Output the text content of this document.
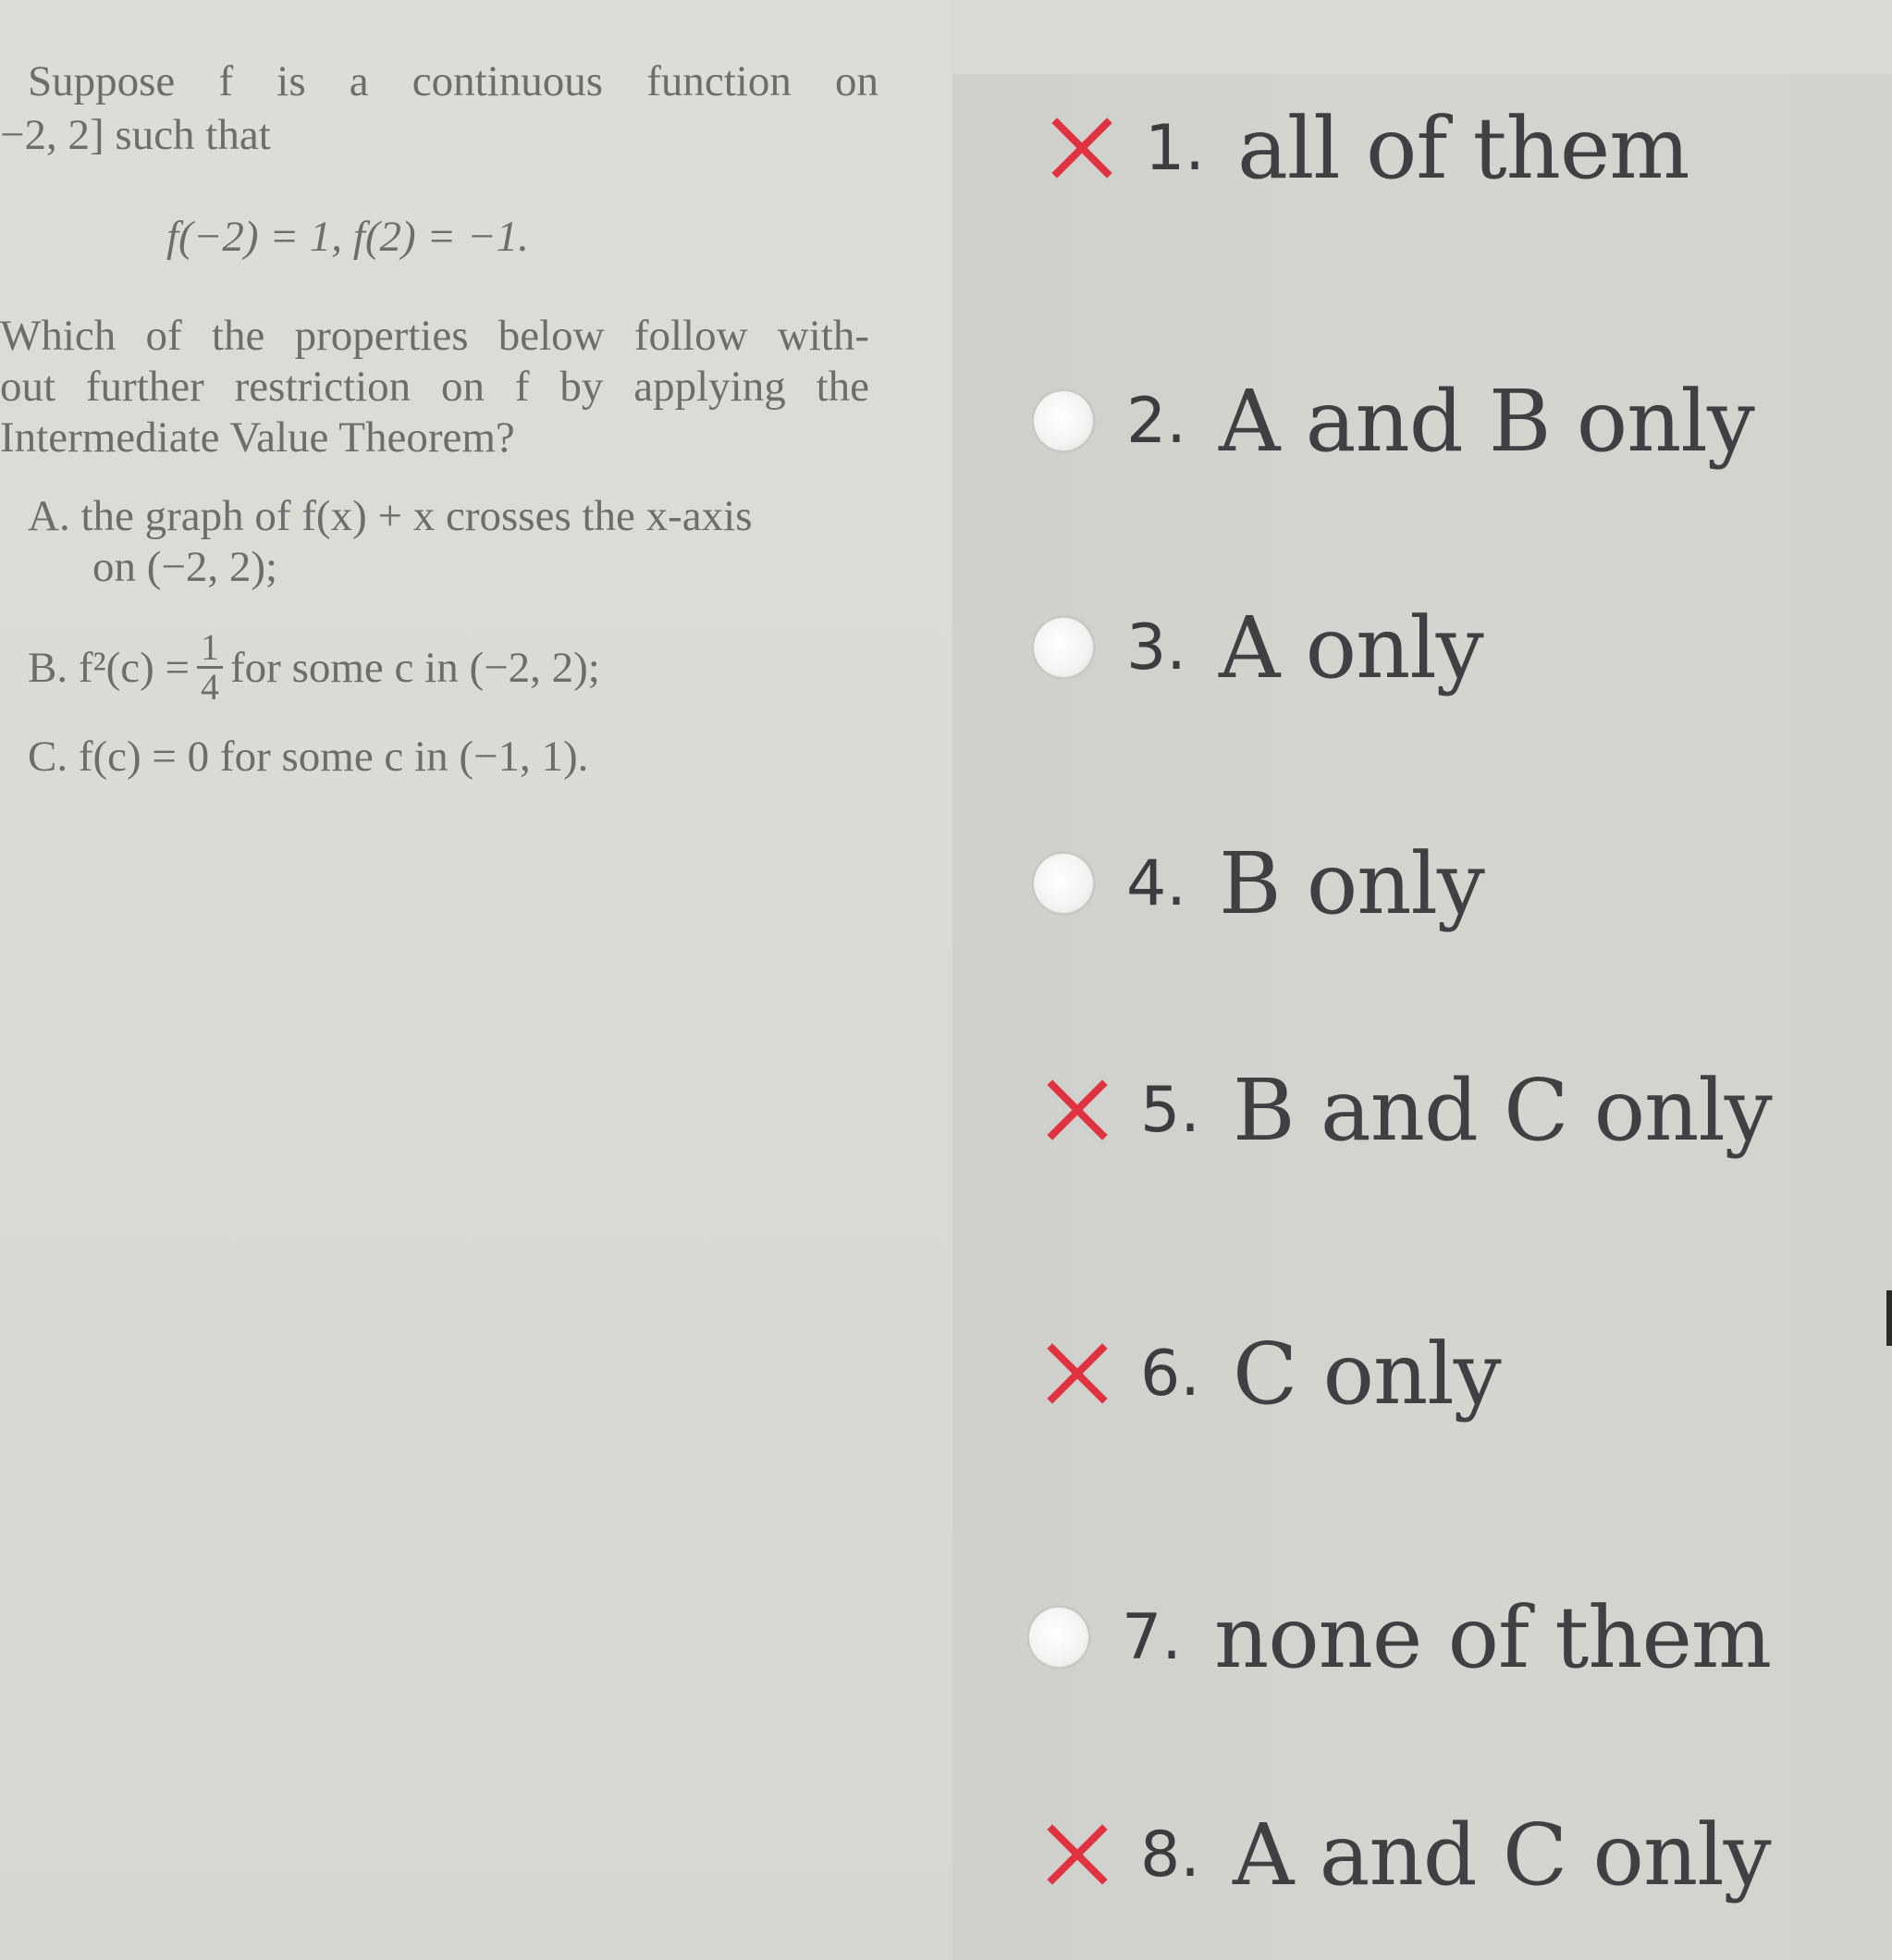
Suppose f is a continuous function on
−2, 2] such that
f(−2) = 1, f(2) = −1.
Which of the properties below follow with-
out further restriction on f by applying the
Intermediate Value Theorem?
A. the graph of f(x) + x crosses the x-axis
on (−2, 2);
B. $f^2(c) = \frac{1}{4}$ for some c in (−2, 2);
C. f(c) = 0 for some c in (−1, 1).
1. all of them
2. A and B only
3. A only
4. B only
5. B and C only
6. C only
7. none of them
8. A and C only
